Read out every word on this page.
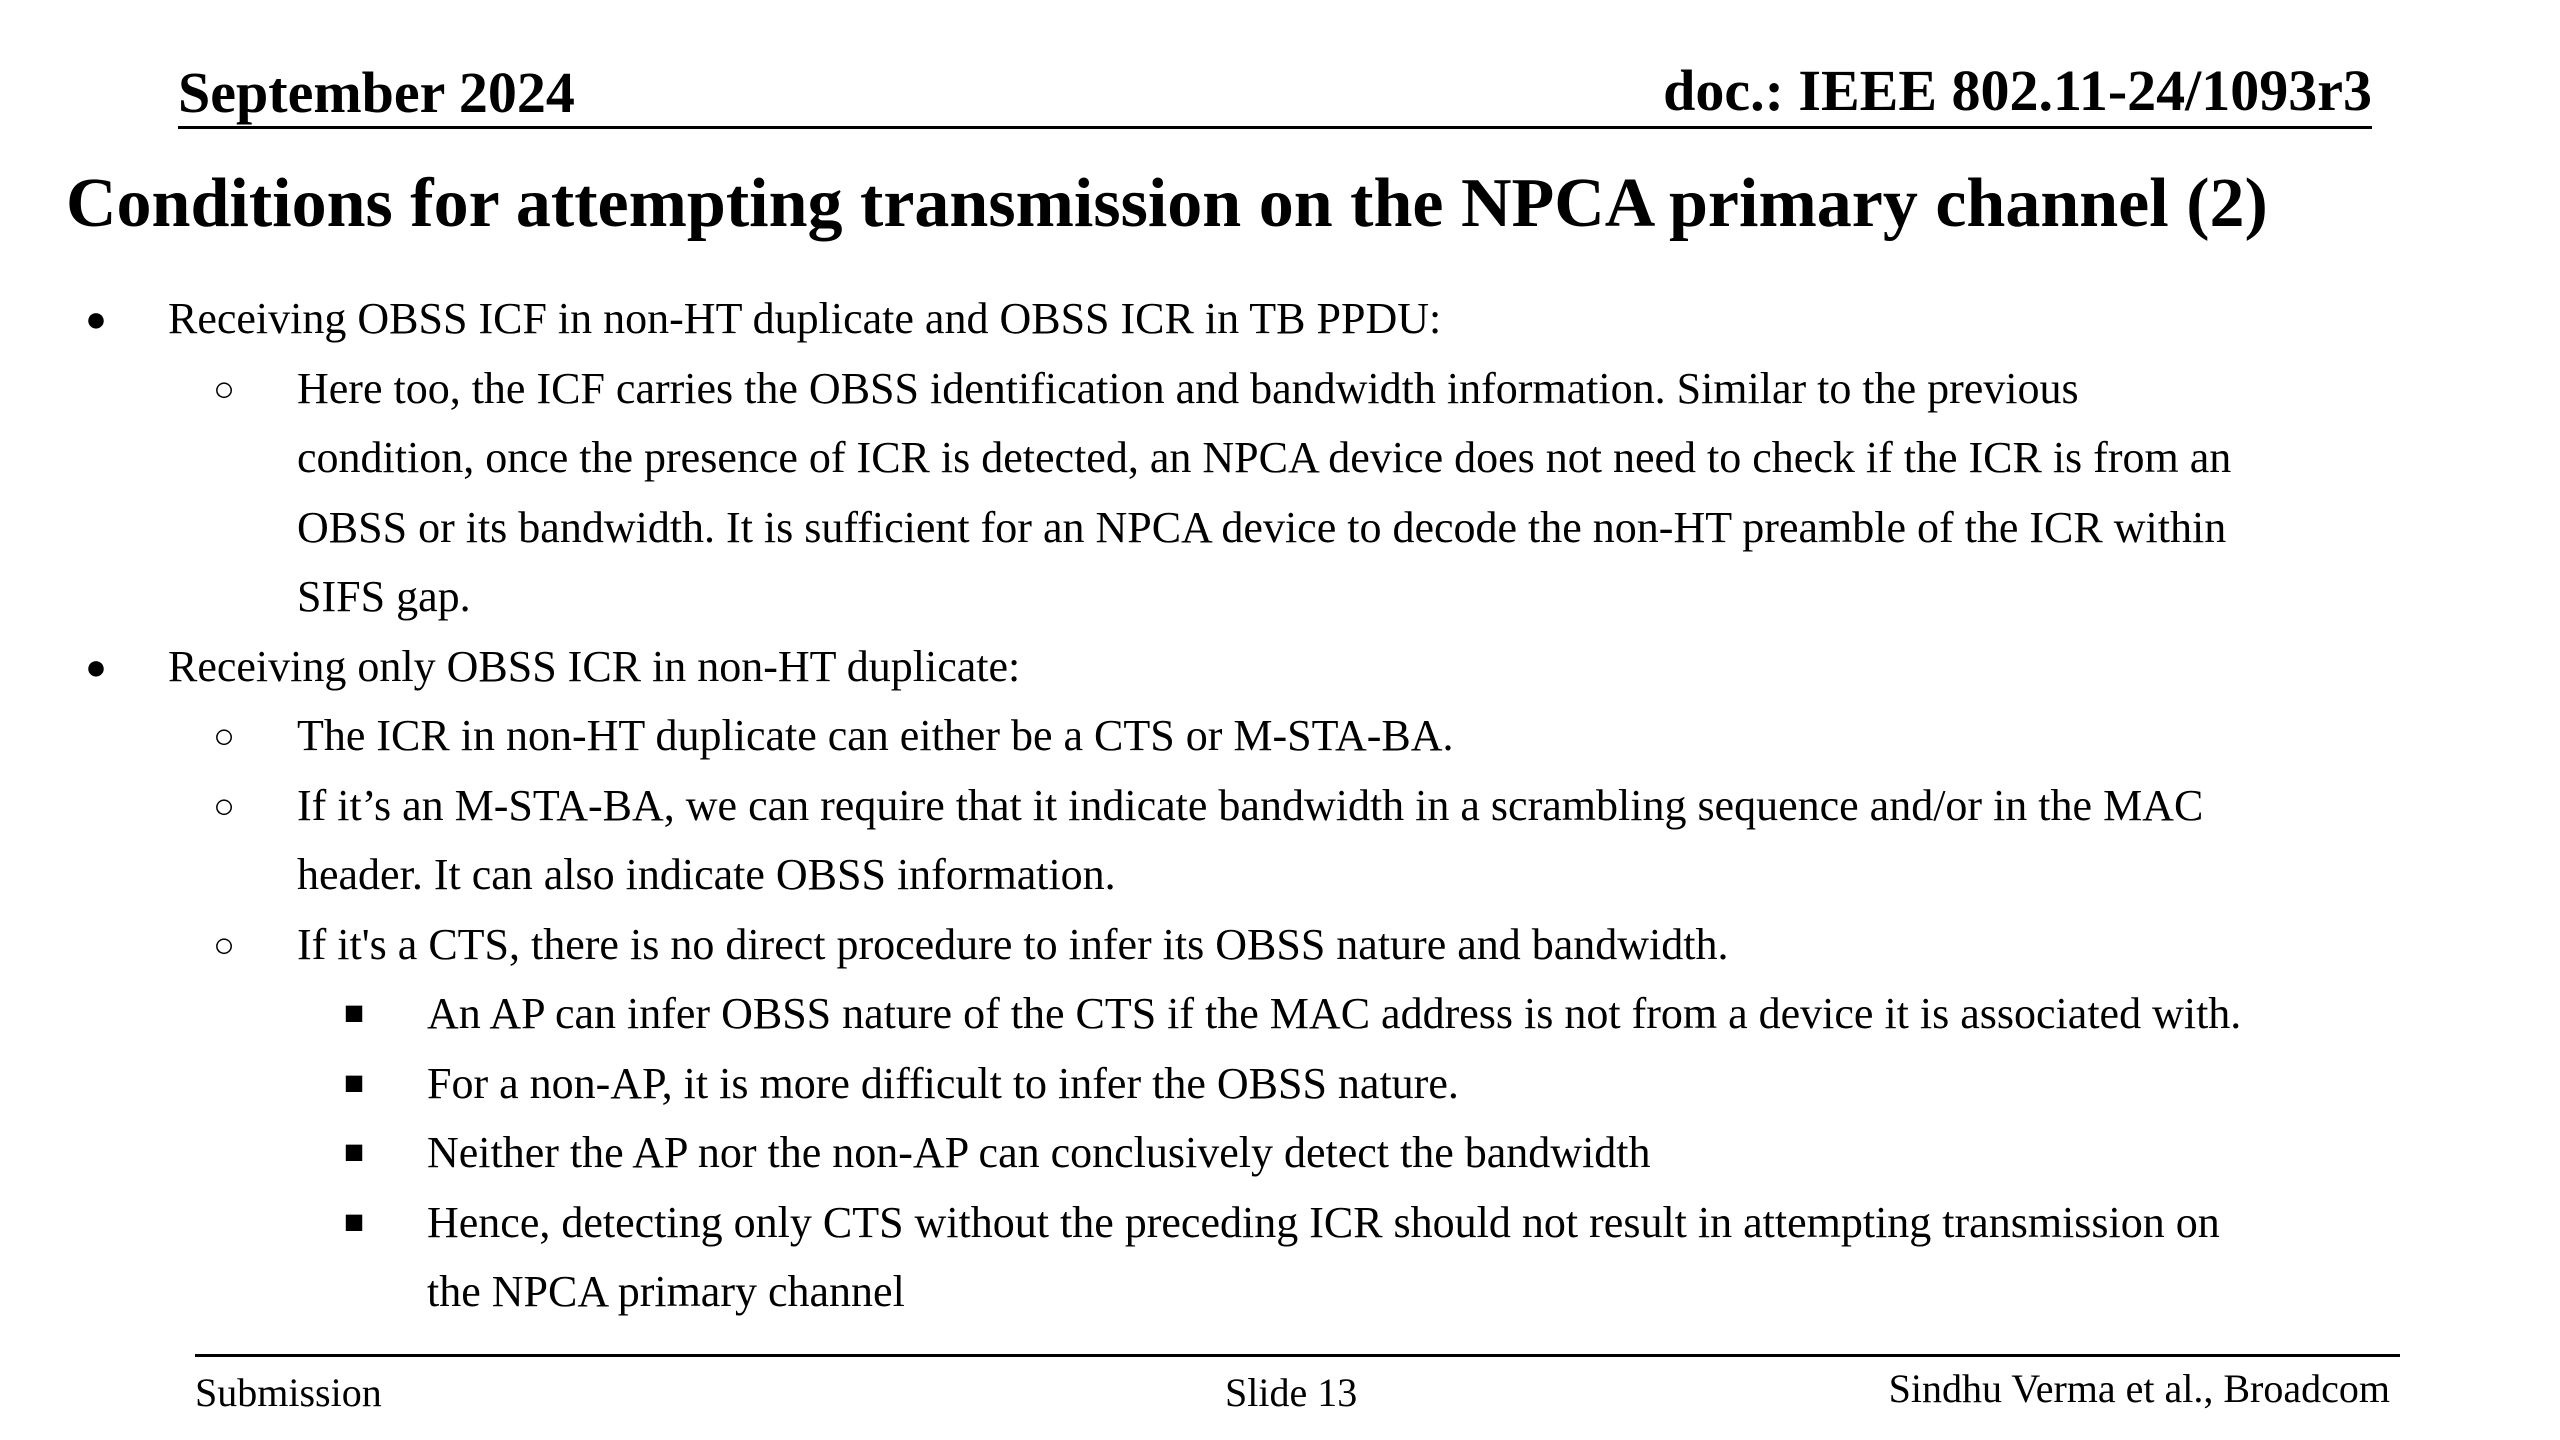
September 2024	doc.: IEEE 802.11-24/1093r3
Conditions for attempting transmission on the NPCA primary channel (2)
● Receiving OBSS ICF in non-HT duplicate and OBSS ICR in TB PPDU:
○ Here too, the ICF carries the OBSS identification and bandwidth information. Similar to the previous
condition, once the presence of ICR is detected, an NPCA device does not need to check if the ICR is from an
OBSS or its bandwidth. It is sufficient for an NPCA device to decode the non-HT preamble of the ICR within
SIFS gap.
● Receiving only OBSS ICR in non-HT duplicate:
○ The ICR in non-HT duplicate can either be a CTS or M-STA-BA.
○ If it’s an M-STA-BA, we can require that it indicate bandwidth in a scrambling sequence and/or in the MAC
header. It can also indicate OBSS information.
○ If it's a CTS, there is no direct procedure to infer its OBSS nature and bandwidth.
■ An AP can infer OBSS nature of the CTS if the MAC address is not from a device it is associated with.
■ For a non-AP, it is more difficult to infer the OBSS nature.
■ Neither the AP nor the non-AP can conclusively detect the bandwidth
■ Hence, detecting only CTS without the preceding ICR should not result in attempting transmission on
the NPCA primary channel
Submission	Slide 13	Sindhu Verma et al., Broadcom
